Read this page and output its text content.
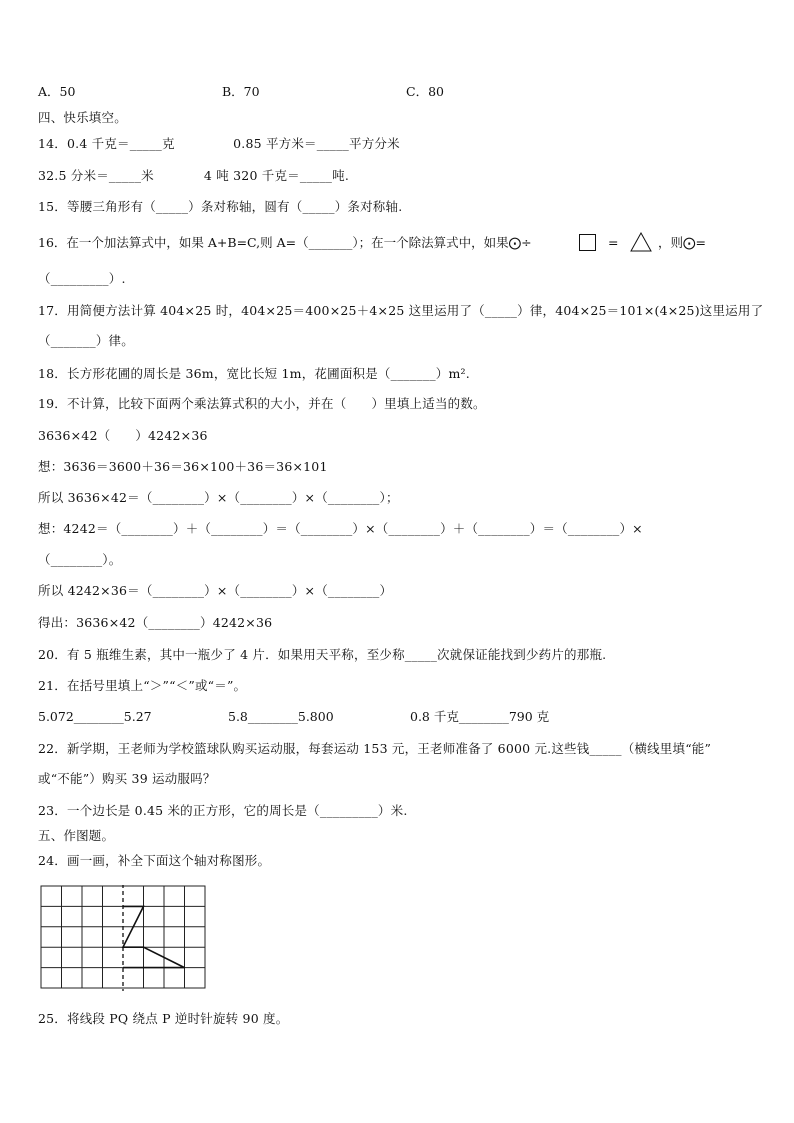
A．50	B．70	C．80
四、快乐填空。
14．0.4 千克＝_____克              0.85 平方米＝_____平方分米
32.5 分米＝_____米            4 吨 320 千克＝_____吨.
15．等腰三角形有（_____）条对称轴，圆有（_____）条对称轴.
16．在一个加法算式中，如果 A+B=C,则 A=（_______）；在一个除法算式中，如果⨀÷	=	，则⨀=
（_________）.
17．用简便方法计算 404×25 时，404×25＝400×25＋4×25 这里运用了（_____）律，404×25＝101×(4×25)这里运用了
（_______）律。
18．长方形花圃的周长是 36m，宽比长短 1m，花圃面积是（_______）m².
19．不计算，比较下面两个乘法算式积的大小，并在（      ）里填上适当的数。
3636×42（      ）4242×36
想：3636＝3600＋36＝36×100＋36＝36×101
所以 3636×42＝（________）×（________）×（________）；
想：4242＝（________）＋（________）＝（________）×（________）＋（________）＝（________）×
（________）。
所以 4242×36＝（________）×（________）×（________）
得出：3636×42（________）4242×36
20．有 5 瓶维生素，其中一瓶少了 4 片．如果用天平称，至少称_____次就保证能找到少药片的那瓶.
21．在括号里填上“＞”“＜”或“＝”。
5.072________5.27	5.8________5.800	0.8 千克________790 克
22．新学期，王老师为学校篮球队购买运动服，每套运动 153 元，王老师准备了 6000 元.这些钱_____（横线里填“能”
或“不能”）购买 39 运动服吗？
23．一个边长是 0.45 米的正方形，它的周长是（_________）米.
五、作图题。
24．画一画，补全下面这个轴对称图形。
25．将线段 PQ 绕点 P 逆时针旋转 90 度。
